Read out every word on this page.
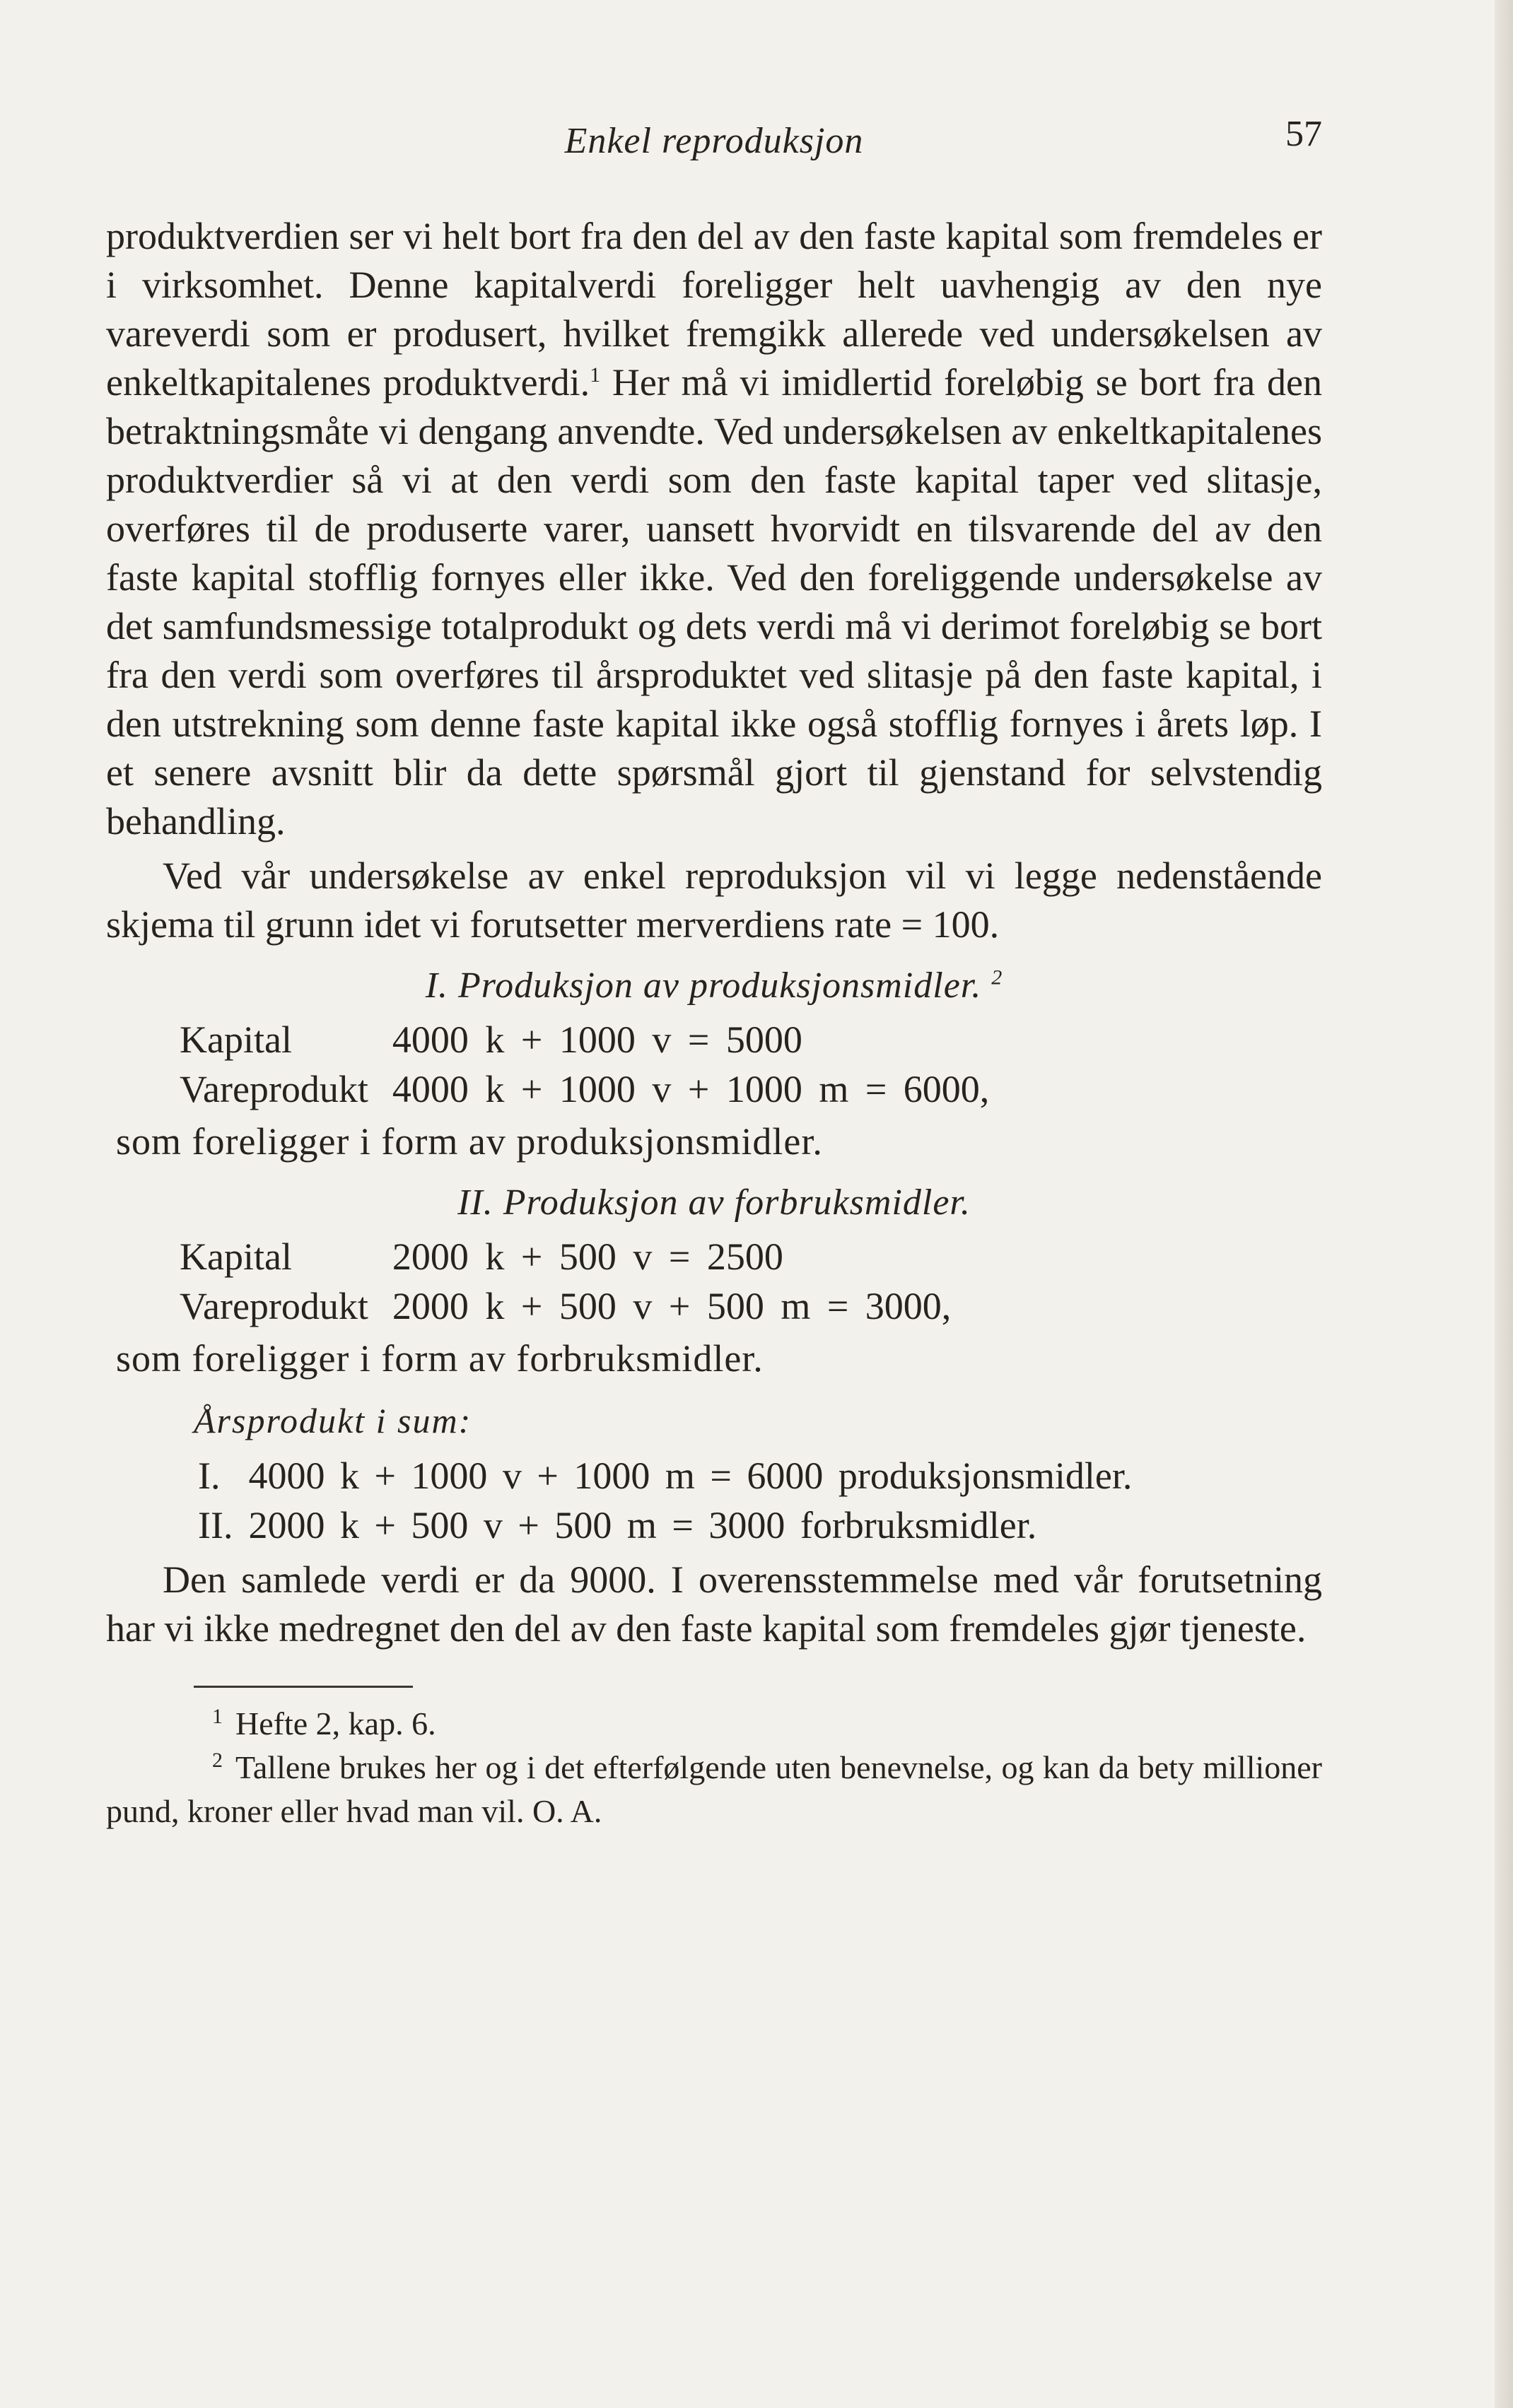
Enkel reproduksjon	57

produktverdien ser vi helt bort fra den del av den faste kapital som fremdeles er i virksomhet. Denne kapitalverdi foreligger helt uavhengig av den nye vareverdi som er produsert, hvilket fremgikk allerede ved undersøkelsen av enkeltkapitalenes produktverdi.$^1$ Her må vi imidlertid foreløbig se bort fra den betraktningsmåte vi dengang anvendte. Ved undersøkelsen av enkeltkapitalenes produktverdier så vi at den verdi som den faste kapital taper ved slitasje, overføres til de produserte varer, uansett hvorvidt en tilsvarende del av den faste kapital stofflig fornyes eller ikke. Ved den foreliggende undersøkelse av det samfundsmessige totalprodukt og dets verdi må vi derimot foreløbig se bort fra den verdi som overføres til årsproduktet ved slitasje på den faste kapital, i den utstrekning som denne faste kapital ikke også stofflig fornyes i årets løp. I et senere avsnitt blir da dette spørsmål gjort til gjenstand for selvstendig behandling.

Ved vår undersøkelse av enkel reproduksjon vil vi legge nedenstående skjema til grunn idet vi forutsetter merverdiens rate = 100.

I. Produksjon av produksjonsmidler. $^2$
Kapital	4000 k + 1000 v = 5000
Vareprodukt	4000 k + 1000 v + 1000 m = 6000,

som foreligger i form av produksjonsmidler.

II. Produksjon av forbruksmidler.
Kapital	2000 k + 500 v = 2500
Vareprodukt	2000 k + 500 v + 500 m = 3000,

som foreligger i form av forbruksmidler.

Årsprodukt i sum:
I.	4000 k + 1000 v + 1000 m = 6000 produksjonsmidler.
II.	2000 k + 500 v + 500 m = 3000 forbruksmidler.

Den samlede verdi er da 9000. I overensstemmelse med vår forutsetning har vi ikke medregnet den del av den faste kapital som fremdeles gjør tjeneste.

$^1$ Hefte 2, kap. 6.

$^2$ Tallene brukes her og i det efterfølgende uten benevnelse, og kan da bety millioner pund, kroner eller hvad man vil. O. A.
